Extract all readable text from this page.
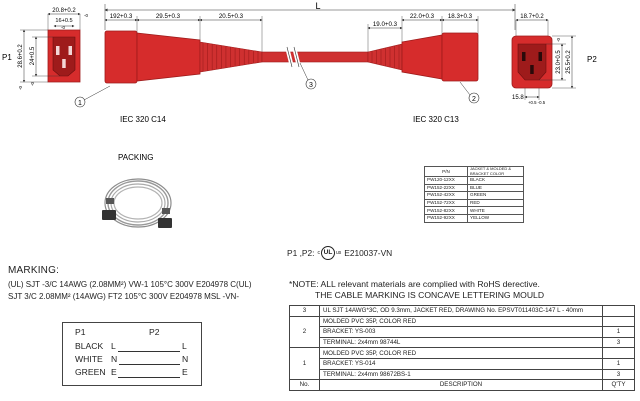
L
192+0.3	29.5+0.3	20.5+0.3
19.0+0.3
22.0+0.3 18.3+0.3
20.8+0.2
-0
16+0.5
-0
28.6+0.2
-0
24+0.5
-0
P1
18.7+0.2
23.0+0.5
-0
25.5+0.2
15.8
+0.5 -0.5
P2
1
3
2
IEC 320 C14	IEC 320 C13
PACKING
P/N	JACKET & MOLDED & BRACKET COLOR
PW120-12XX	BLACK
PW152-22XX	BLUE
PW152-42XX	GREEN
PW152-72XX	RED
PW152-82XX	WHITE
PW152-92XX	YELLOW
P1 ,P2: c UL us E210037-VN
MARKING:
(UL) SJT -3/C 14AWG (2.08MM²) VW-1 105°C 300V E204978 C(UL)
SJT 3/C 2.08MM² (14AWG) FT2 105°C 300V E204978 MSL -VN-
*NOTE: ALL relevant materials are complied with RoHS derective.
THE CABLE MARKING IS CONCAVE LETTERING MOULD
P1	P2
BLACK L	L
WHITE N	N
GREEN E	E
3	UL SJT 14AWG*3C, OD 9.3mm, JACKET RED, DRAWING No. EPSVT011403C-147 L - 40mm	
2	MOLDED PVC 35P, COLOR RED	
	BRACKET: YS-003	1
	TERMINAL: 2x4mm 98744L	3
1	MOLDED PVC 35P, COLOR RED	
	BRACKET: YS-014	1
	TERMINAL: 2x4mm 98672BS-1	3
No.	DESCRIPTION	Q'TY
